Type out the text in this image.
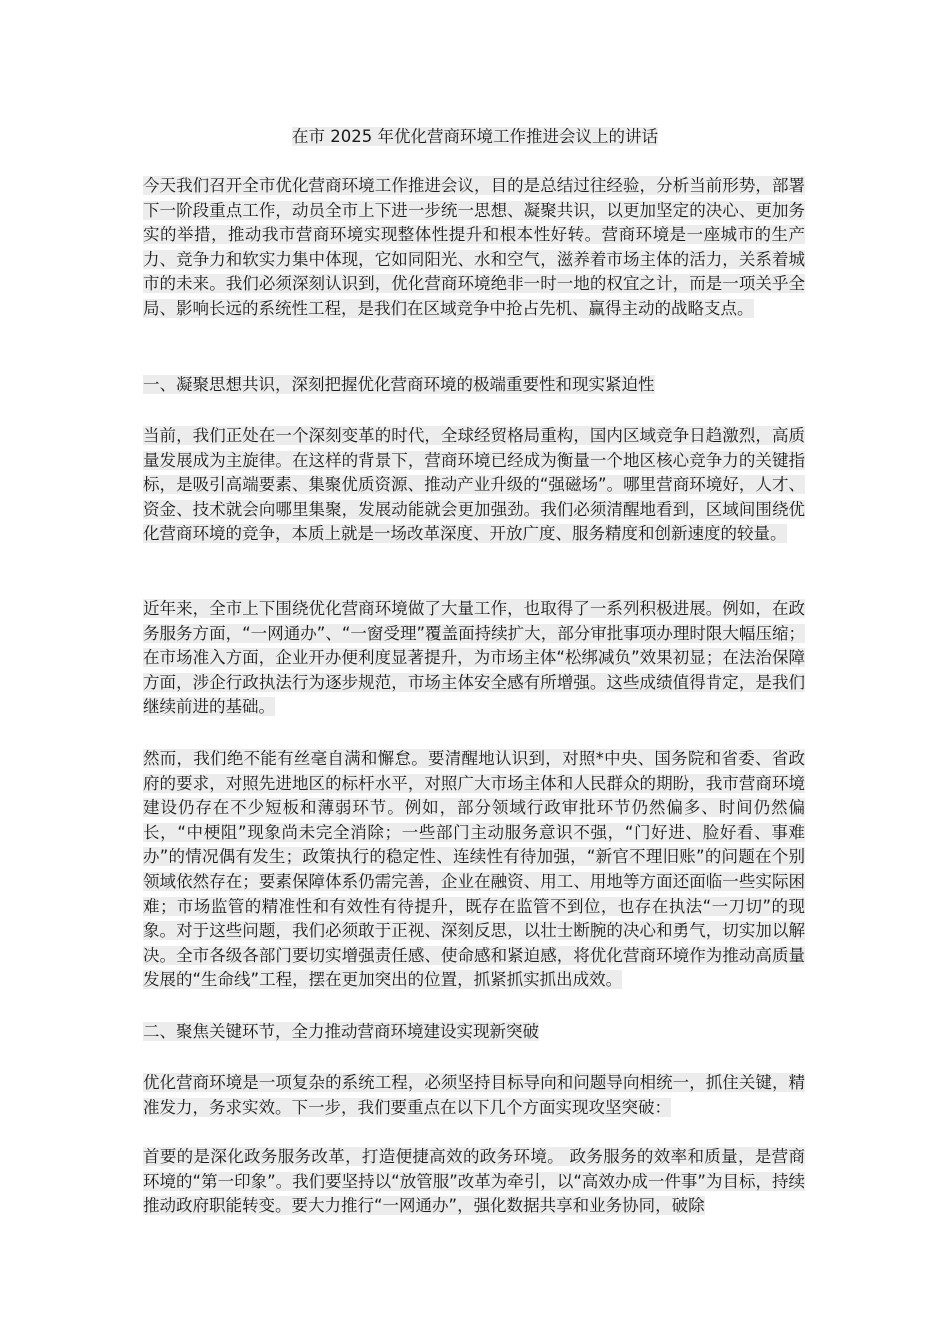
在市 2025 年优化营商环境工作推进会议上的讲话

今天我们召开全市优化营商环境工作推进会议，目的是总结过往经验，分析当前形势，部署下一阶段重点工作，动员全市上下进一步统一思想、凝聚共识，以更加坚定的决心、更加务实的举措，推动我市营商环境实现整体性提升和根本性好转。营商环境是一座城市的生产力、竞争力和软实力集中体现，它如同阳光、水和空气，滋养着市场主体的活力，关系着城市的未来。我们必须深刻认识到，优化营商环境绝非一时一地的权宜之计，而是一项关乎全局、影响长远的系统性工程，是我们在区域竞争中抢占先机、赢得主动的战略支点。

一、凝聚思想共识，深刻把握优化营商环境的极端重要性和现实紧迫性

当前，我们正处在一个深刻变革的时代，全球经贸格局重构，国内区域竞争日趋激烈，高质量发展成为主旋律。在这样的背景下，营商环境已经成为衡量一个地区核心竞争力的关键指标，是吸引高端要素、集聚优质资源、推动产业升级的“强磁场”。哪里营商环境好，人才、资金、技术就会向哪里集聚，发展动能就会更加强劲。我们必须清醒地看到，区域间围绕优化营商环境的竞争，本质上就是一场改革深度、开放广度、服务精度和创新速度的较量。

近年来，全市上下围绕优化营商环境做了大量工作，也取得了一系列积极进展。例如，在政务服务方面，“一网通办”、“一窗受理”覆盖面持续扩大，部分审批事项办理时限大幅压缩；在市场准入方面，企业开办便利度显著提升，为市场主体“松绑减负”效果初显；在法治保障方面，涉企行政执法行为逐步规范，市场主体安全感有所增强。这些成绩值得肯定，是我们继续前进的基础。

然而，我们绝不能有丝毫自满和懈怠。要清醒地认识到，对照*中央、国务院和省委、省政府的要求，对照先进地区的标杆水平，对照广大市场主体和人民群众的期盼，我市营商环境建设仍存在不少短板和薄弱环节。例如，部分领域行政审批环节仍然偏多、时间仍然偏长，“中梗阻”现象尚未完全消除；一些部门主动服务意识不强，“门好进、脸好看、事难办”的情况偶有发生；政策执行的稳定性、连续性有待加强，“新官不理旧账”的问题在个别领域依然存在；要素保障体系仍需完善，企业在融资、用工、用地等方面还面临一些实际困难；市场监管的精准性和有效性有待提升，既存在监管不到位，也存在执法“一刀切”的现象。对于这些问题，我们必须敢于正视、深刻反思，以壮士断腕的决心和勇气，切实加以解决。全市各级各部门要切实增强责任感、使命感和紧迫感，将优化营商环境作为推动高质量发展的“生命线”工程，摆在更加突出的位置，抓紧抓实抓出成效。

二、聚焦关键环节，全力推动营商环境建设实现新突破

优化营商环境是一项复杂的系统工程，必须坚持目标导向和问题导向相统一，抓住关键，精准发力，务求实效。下一步，我们要重点在以下几个方面实现攻坚突破：

首要的是深化政务服务改革，打造便捷高效的政务环境。 政务服务的效率和质量，是营商环境的“第一印象”。我们要坚持以“放管服”改革为牵引，以“高效办成一件事”为目标，持续推动政府职能转变。要大力推行“一网通办”，强化数据共享和业务协同，破除
